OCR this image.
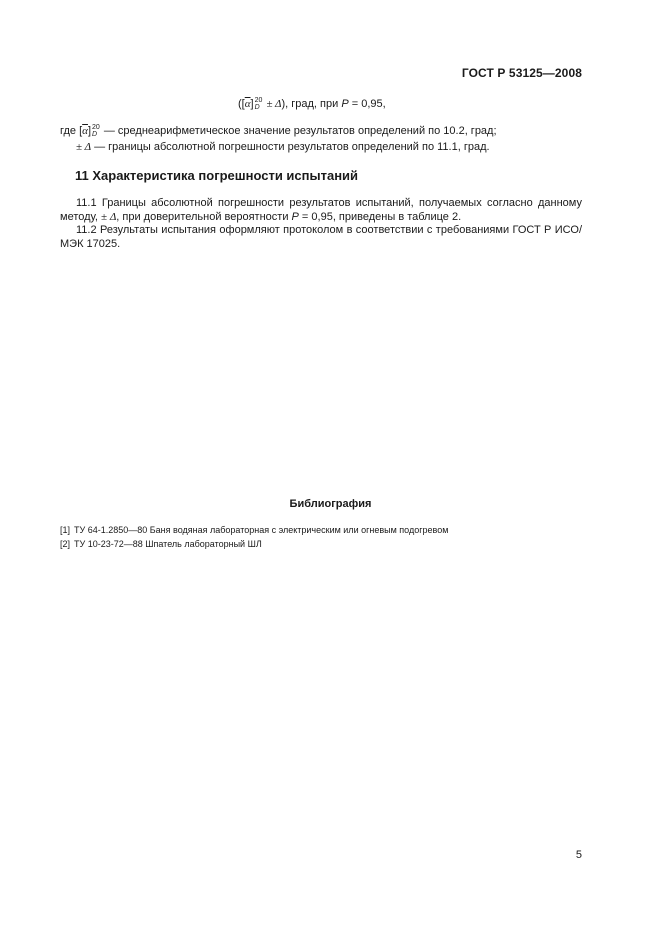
ГОСТ Р 53125—2008
($[\overline{\alpha}]$ 20
D ± Δ), град, при P = 0,95,
где $[\overline{\alpha}]$ 20
D — среднеарифметическое значение результатов определений по 10.2, град;
± Δ — границы абсолютной погрешности результатов определений по 11.1, град.
11 Характеристика погрешности испытаний
11.1 Границы абсолютной погрешности результатов испытаний, получаемых согласно данному методу, ± Δ, при доверительной вероятности P = 0,95, приведены в таблице 2.
11.2 Результаты испытания оформляют протоколом в соответствии с требованиями ГОСТ Р ИСО/МЭК 17025.
Библиография
[1] ТУ 64-1.2850—80 Баня водяная лабораторная с электрическим или огневым подогревом
[2] ТУ 10-23-72—88 Шпатель лабораторный ШЛ
5
